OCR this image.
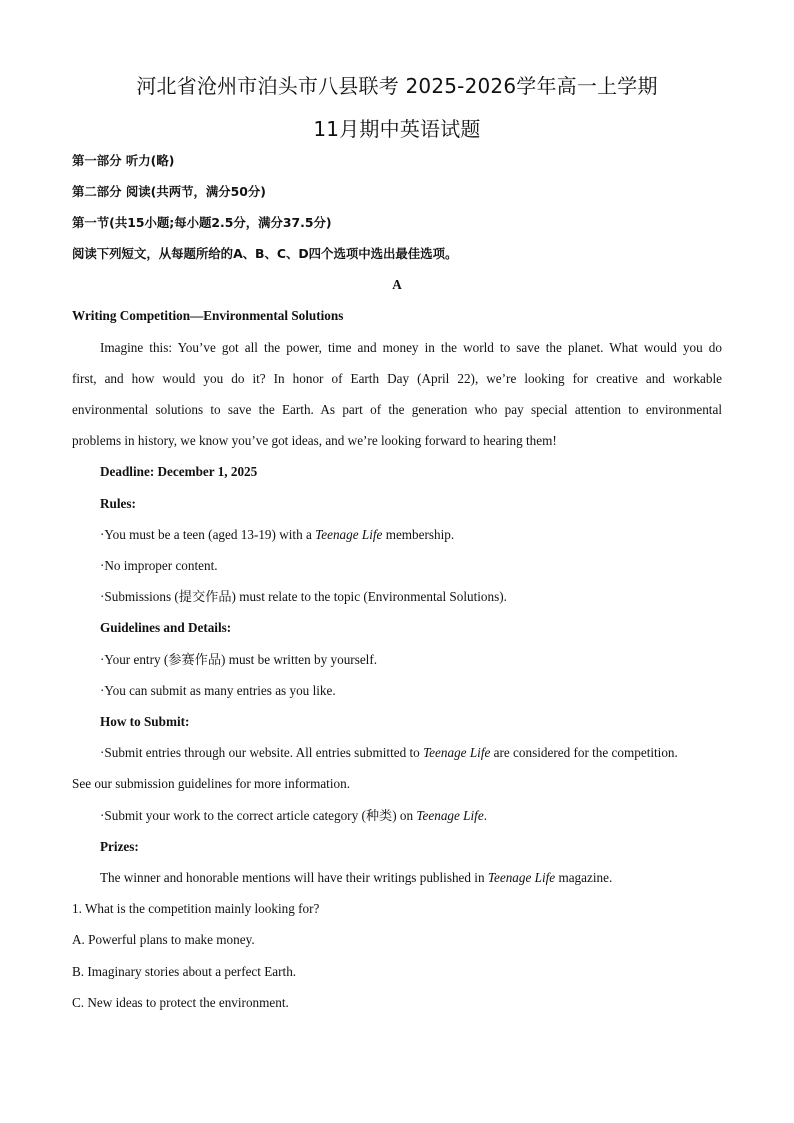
河北省沧州市泊头市八县联考 2025-2026学年高一上学期
11月期中英语试题
第一部分 听力(略)
第二部分 阅读(共两节，满分50分)
第一节(共15小题;每小题2.5分，满分37.5分)
阅读下列短文，从每题所给的A、B、C、D四个选项中选出最佳选项。
A
Writing Competition—Environmental Solutions
Imagine this: You’ve got all the power, time and money in the world to save the planet. What would you do
first, and how would you do it? In honor of Earth Day (April 22), we’re looking for creative and workable
environmental solutions to save the Earth. As part of the generation who pay special attention to environmental
problems in history, we know you’ve got ideas, and we’re looking forward to hearing them!
Deadline: December 1, 2025
Rules:
·You must be a teen (aged 13-19) with a Teenage Life membership.
·No improper content.
·Submissions (提交作品) must relate to the topic (Environmental Solutions).
Guidelines and Details:
·Your entry (参赛作品) must be written by yourself.
·You can submit as many entries as you like.
How to Submit:
·Submit entries through our website. All entries submitted to Teenage Life are considered for the competition.
See our submission guidelines for more information.
·Submit your work to the correct article category (种类) on Teenage Life.
Prizes:
The winner and honorable mentions will have their writings published in Teenage Life magazine.
1. What is the competition mainly looking for?
A. Powerful plans to make money.
B. Imaginary stories about a perfect Earth.
C. New ideas to protect the environment.
